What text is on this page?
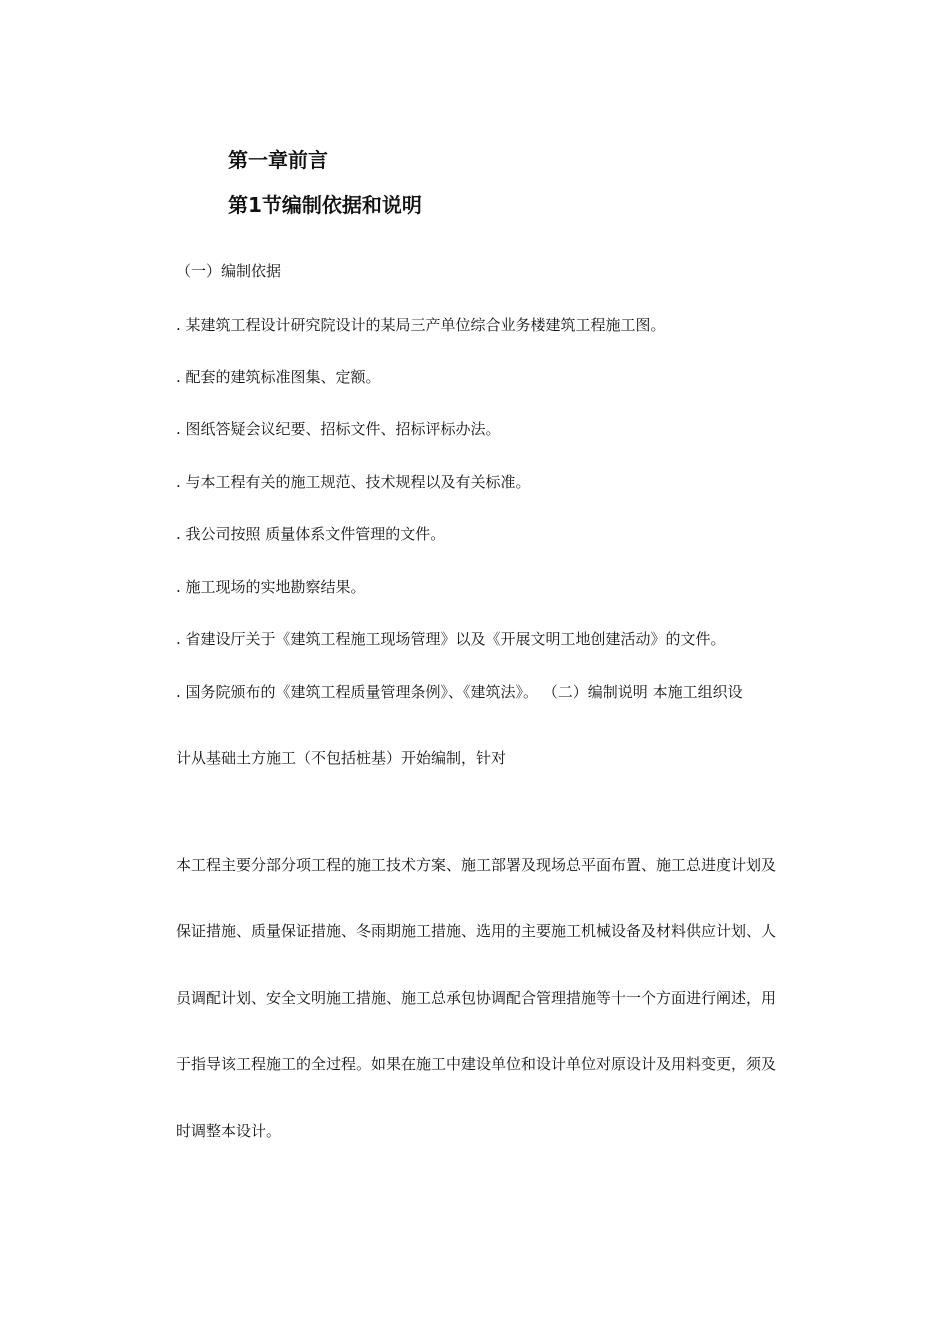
第一章前言
第1节编制依据和说明
（一）编制依据
. 某建筑工程设计研究院设计的某局三产单位综合业务楼建筑工程施工图。
. 配套的建筑标准图集、定额。
. 图纸答疑会议纪要、招标文件、招标评标办法。
. 与本工程有关的施工规范、技术规程以及有关标准。
. 我公司按照 质量体系文件管理的文件。
. 施工现场的实地勘察结果。
. 省建设厅关于《建筑工程施工现场管理》以及《开展文明工地创建活动》的文件。
. 国务院颁布的《建筑工程质量管理条例》、《建筑法》。 （二）编制说明 本施工组织设
计从基础土方施工（不包括桩基）开始编制，针对
本工程主要分部分项工程的施工技术方案、施工部署及现场总平面布置、施工总进度计划及
保证措施、质量保证措施、冬雨期施工措施、选用的主要施工机械设备及材料供应计划、人
员调配计划、安全文明施工措施、施工总承包协调配合管理措施等十一个方面进行阐述，用
于指导该工程施工的全过程。如果在施工中建设单位和设计单位对原设计及用料变更，须及
时调整本设计。
